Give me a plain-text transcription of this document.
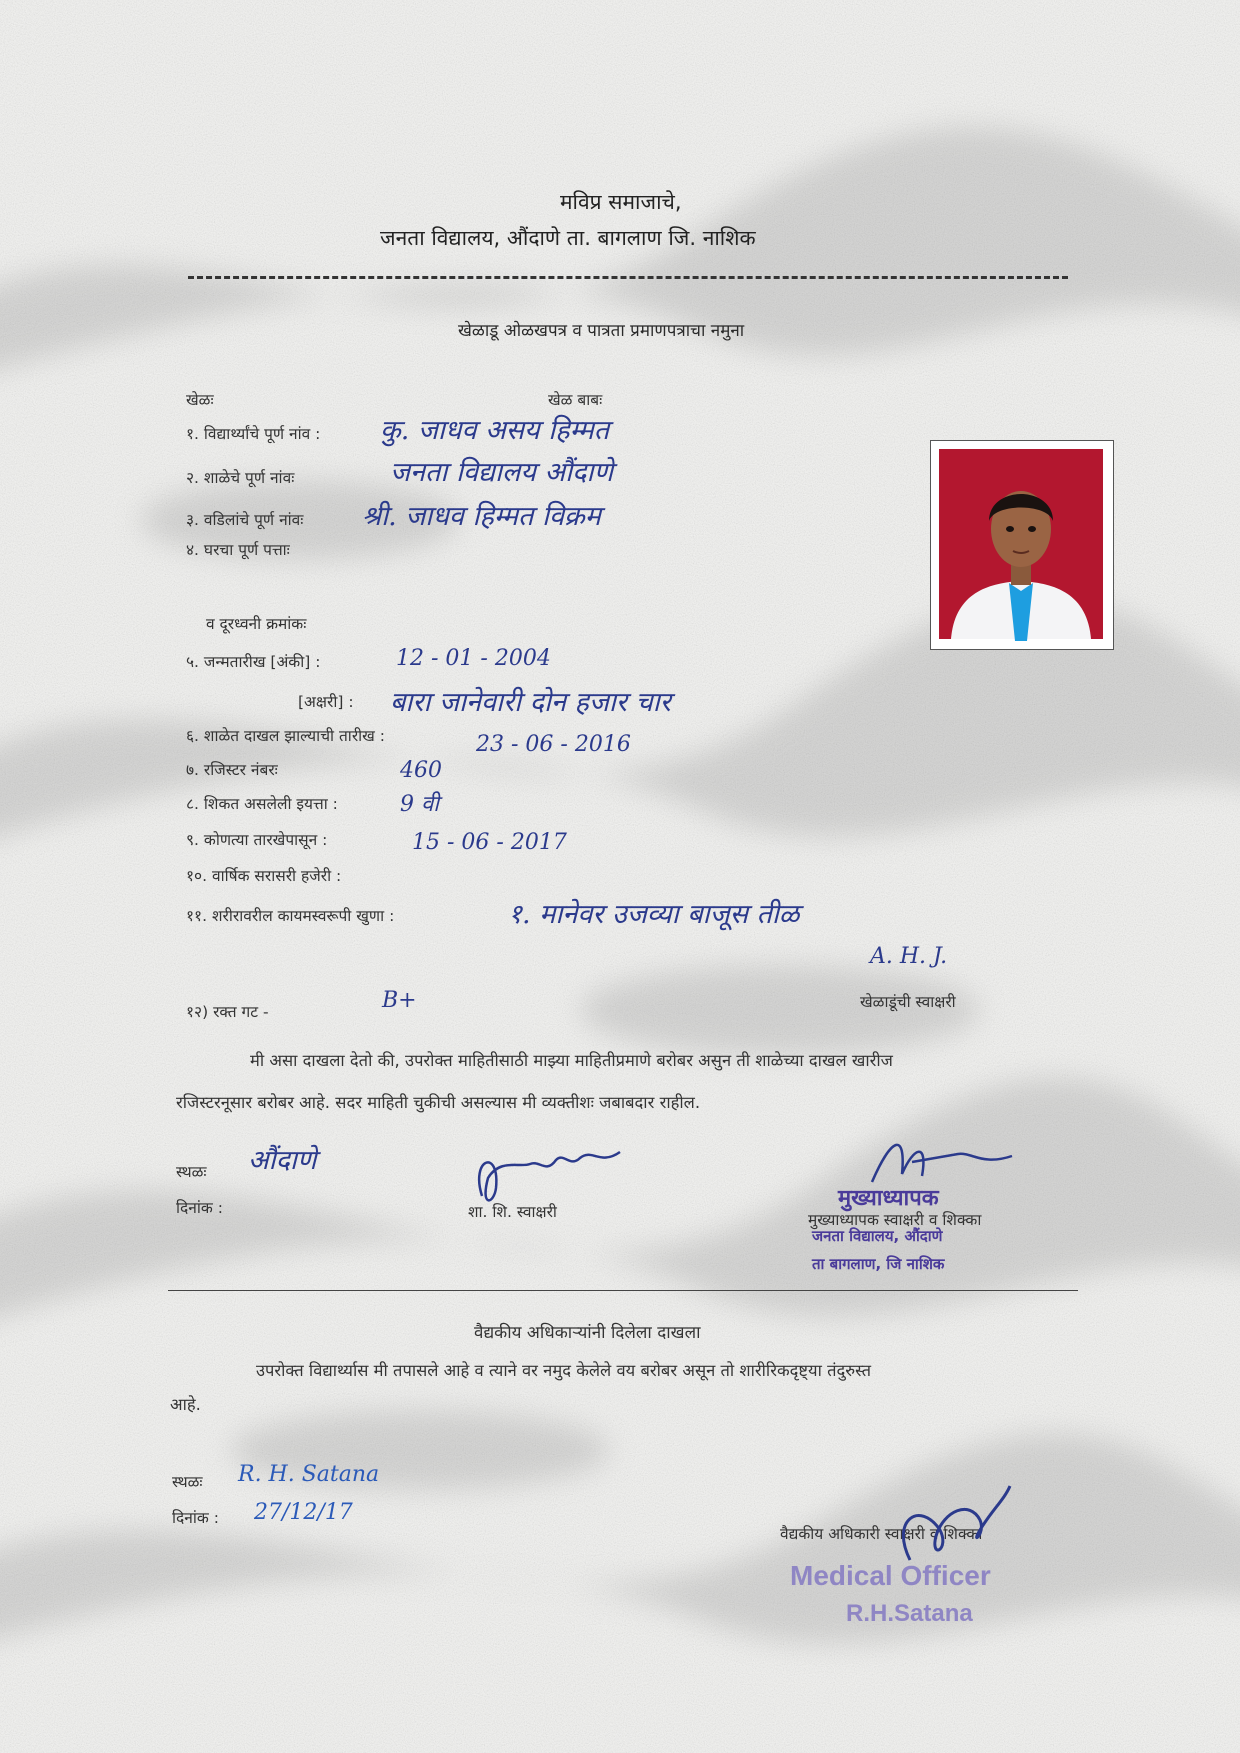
मविप्र समाजाचे,
जनता विद्यालय, औंदाणे ता. बागलाण जि. नाशिक
खेळाडू ओळखपत्र व पात्रता प्रमाणपत्राचा नमुना
खेळः	खेळ बाबः
१. विद्यार्थ्यांचे पूर्ण नांव : कु. जाधव असय हिम्मत
२. शाळेचे पूर्ण नांवः	जनता विद्यालय औंदाणे
३. वडिलांचे पूर्ण नांवः श्री. जाधव हिम्मत विक्रम
४. घरचा पूर्ण पत्ताः
व दूरध्वनी क्रमांकः
५. जन्मतारीख [अंकी] :	12 - 01 - 2004
[अक्षरी] : बारा जानेवारी दोन हजार चार
६. शाळेत दाखल झाल्याची तारीख :	23 - 06 - 2016
७. रजिस्टर नंबरः	460
८. शिकत असलेली इयत्ता :	9 वी
९. कोणत्या तारखेपासून :	15 - 06 - 2017
१०. वार्षिक सरासरी हजेरी :
११. शरीरावरील कायमस्वरूपी खुणा :	१. मानेवर उजव्या बाजूस तीळ
A. H. J.
खेळाडूंची स्वाक्षरी
१२) रक्त गट -	B+
मी असा दाखला देतो की, उपरोक्त माहितीसाठी माझ्या माहितीप्रमाणे बरोबर असुन ती शाळेच्या दाखल खारीज
रजिस्टरनूसार बरोबर आहे. सदर माहिती चुकीची असल्यास मी व्यक्तीशः जबाबदार राहील.
स्थळः औंदाणे
दिनांक :	शा. शि. स्वाक्षरी
मुख्याध्यापक
मुख्याध्यापक स्वाक्षरी व शिक्का
जनता विद्यालय, औंदाणे
ता बागलाण, जि नाशिक
वैद्यकीय अधिकाऱ्यांनी दिलेला दाखला
उपरोक्त विद्यार्थ्यास मी तपासले आहे व त्याने वर नमुद केलेले वय बरोबर असून तो शारीरिकदृष्ट्या तंदुरुस्त
आहे.
स्थळः R. H. Satana
दिनांक : 27/12/17
वैद्यकीय अधिकारी स्वाक्षरी व शिक्का
Medical Officer
R.H.Satana
